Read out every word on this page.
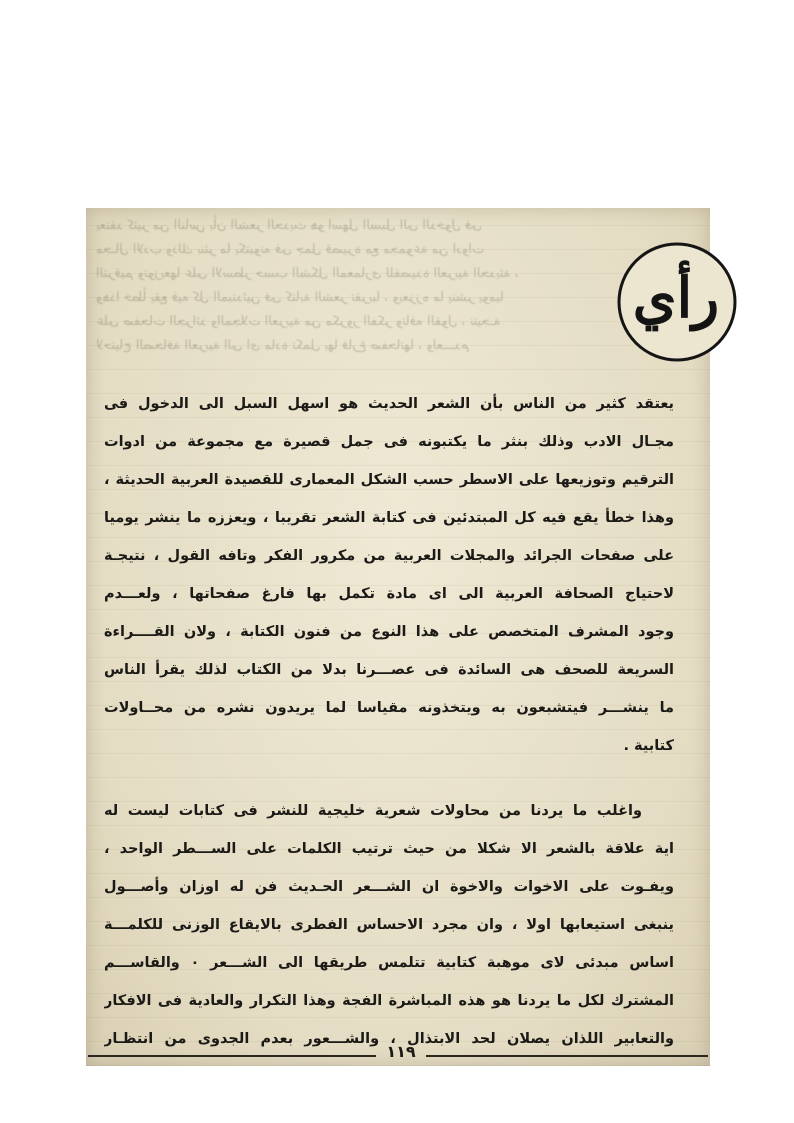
يعتقد كثير من الناس بأن الشعر الحديث هو اسهل السبل الى الدخول فى
مجـال الادب وذلك بنثر ما يكتبونه فى جمل قصيرة مع مجموعة من ادوات
الترقيم وتوزيعها على الاسطر حسب الشكل المعمارى للقصيدة العربية الحديثة ،
وهذا خطأ يقع فيه كل المبتدئين فى كتابة الشعر تقريبا ، ويعززه ما ينشر يوميا
على صفحات الجرائد والمجلات العربية من مكرور الفكر وتافه القول ، نتيجـة
لاحتياج الصحافة العربية الى اى مادة تكمل بها فارغ صفحاتها ، ولعـــدم
رأي
يعتقد كثير من الناس بأن الشعر الحديث هو اسهل السبل الى الدخول فى
مجـال الادب وذلك بنثر ما يكتبونه فى جمل قصيرة مع مجموعة من ادوات
الترقيم وتوزيعها على الاسطر حسب الشكل المعمارى للقصيدة العربية الحديثة ،
وهذا خطأ يقع فيه كل المبتدئين فى كتابة الشعر تقريبا ، ويعززه ما ينشر يوميا
على صفحات الجرائد والمجلات العربية من مكرور الفكر وتافه القول ، نتيجـة
لاحتياج الصحافة العربية الى اى مادة تكمل بها فارغ صفحاتها ، ولعـــدم
وجود المشرف المتخصص على هذا النوع من فنون الكتابة ، ولان القــــراءة
السريعة للصحف هى السائدة فى عصـــرنا بدلا من الكتاب لذلك يقرأ الناس
ما ينشـــر فيتشبعون به ويتخذونه مقياسا لما يريدون نشره من محــاولات
كتابية .
واغلب ما يردنا من محاولات شعرية خليجية للنشر فى كتابات ليست له
اية علاقة بالشعر الا شكلا من حيث ترتيب الكلمات على الســـطر الواحد ،
ويفـوت على الاخوات والاخوة ان الشـــعر الحـديث فن له اوزان وأصـــول
ينبغى استيعابها اولا ، وان مجرد الاحساس الفطرى بالايقاع الوزنى للكلمـــة
اساس مبدئى لاى موهبة كتابية تتلمس طريقها الى الشـــعر ٠ والقاســـم
المشترك لكل ما يردنا هو هذه المباشرة الفجة وهذا التكرار والعادية فى الافكار
والتعابير اللذان يصلان لحد الابتذال ، والشـــعور بعدم الجدوى من انتظـار
١١٩
